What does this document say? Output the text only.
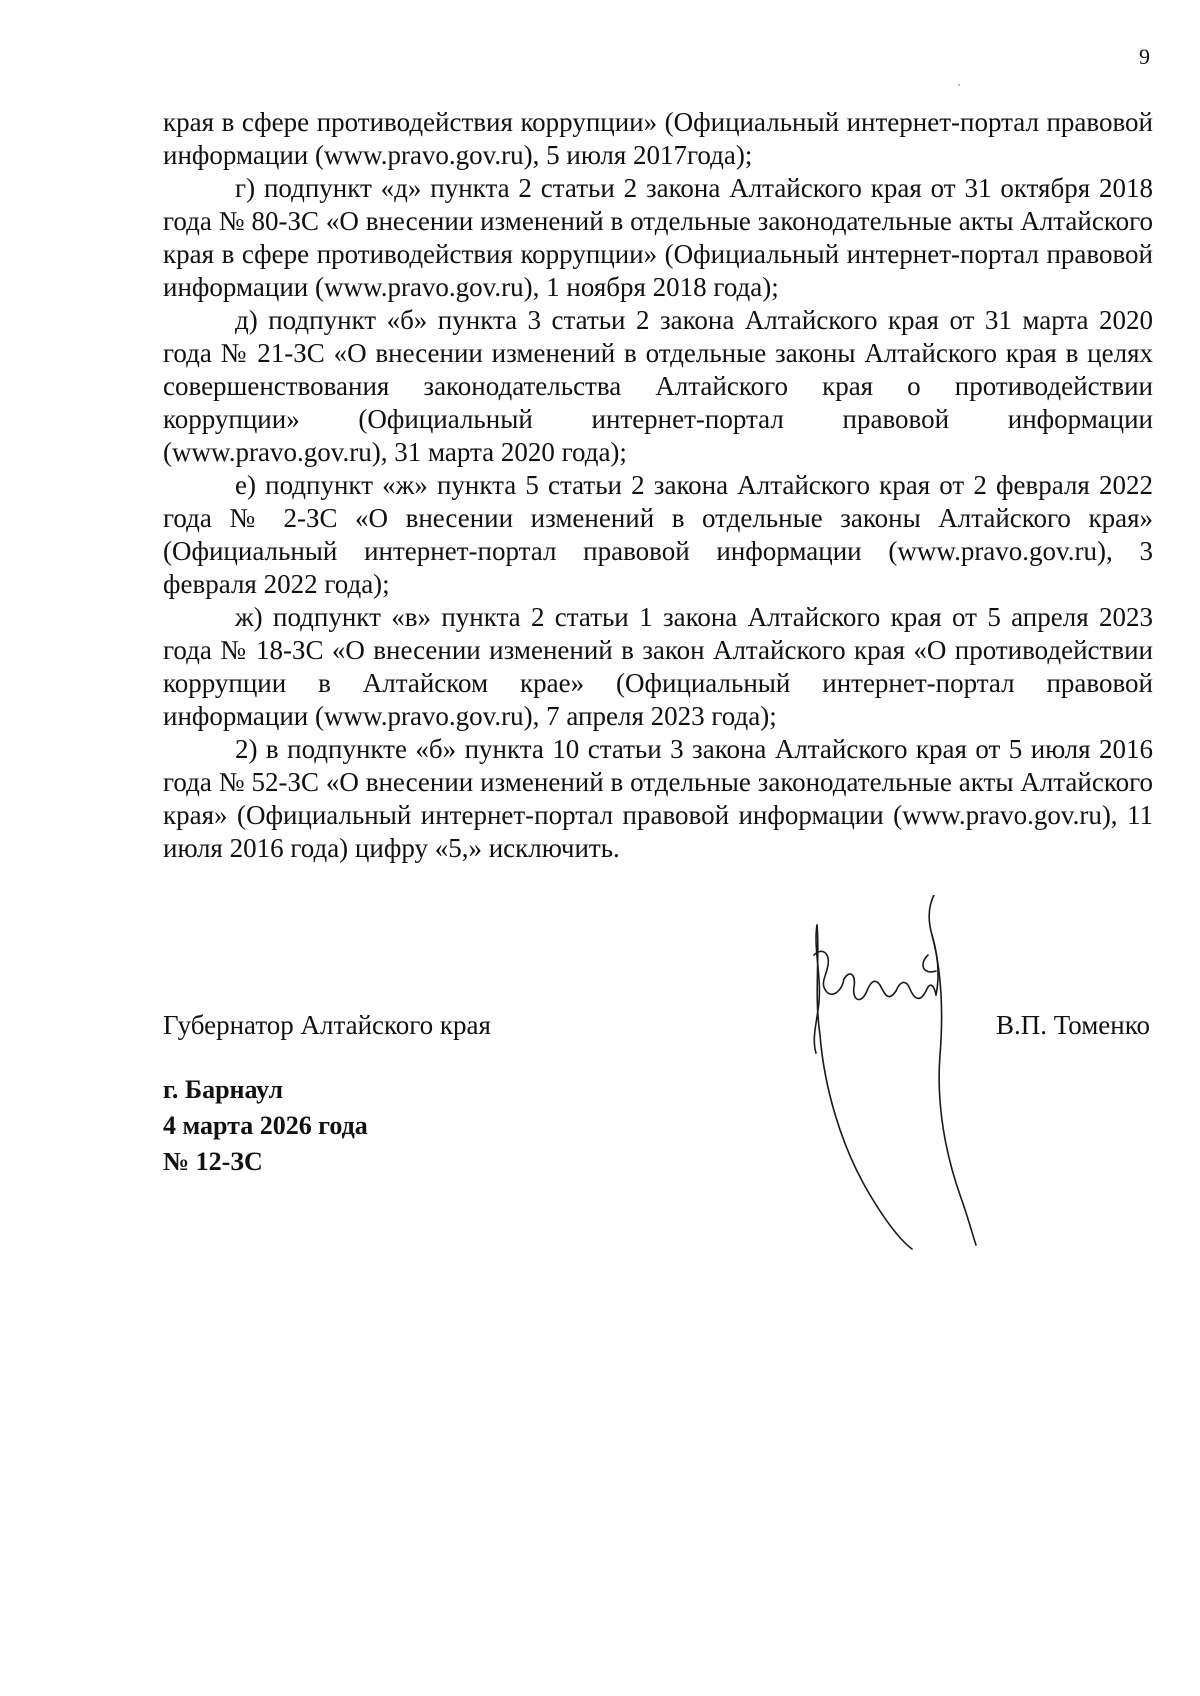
9

края в сфере противодействия коррупции» (Официальный интернет-портал правовой информации (www.pravo.gov.ru), 5 июля 2017года);

г) подпункт «д» пункта 2 статьи 2 закона Алтайского края от 31 октября 2018 года № 80-ЗС «О внесении изменений в отдельные законодательные акты Алтайского края в сфере противодействия коррупции» (Официальный интернет-портал правовой информации (www.pravo.gov.ru), 1 ноября 2018 года);

д) подпункт «б» пункта 3 статьи 2 закона Алтайского края от 31 марта 2020 года № 21-ЗС «О внесении изменений в отдельные законы Алтайского края в целях совершенствования законодательства Алтайского края о противодействии коррупции» (Официальный интернет-портал правовой информации (www.pravo.gov.ru), 31 марта 2020 года);

е) подпункт «ж» пункта 5 статьи 2 закона Алтайского края от 2 февраля 2022 года № 2-ЗС «О внесении изменений в отдельные законы Алтайского края» (Официальный интернет-портал правовой информации (www.pravo.gov.ru), 3 февраля 2022 года);

ж) подпункт «в» пункта 2 статьи 1 закона Алтайского края от 5 апреля 2023 года № 18-ЗС «О внесении изменений в закон Алтайского края «О противодействии коррупции в Алтайском крае» (Официальный интернет-портал правовой информации (www.pravo.gov.ru), 7 апреля 2023 года);

2) в подпункте «б» пункта 10 статьи 3 закона Алтайского края от 5 июля 2016 года № 52-ЗС «О внесении изменений в отдельные законодательные акты Алтайского края» (Официальный интернет-портал правовой информации (www.pravo.gov.ru), 11 июля 2016 года) цифру «5,» исключить.

Губернатор Алтайского края	В.П. Томенко
г. Барнаул
4 марта 2026 года
№ 12-ЗС
